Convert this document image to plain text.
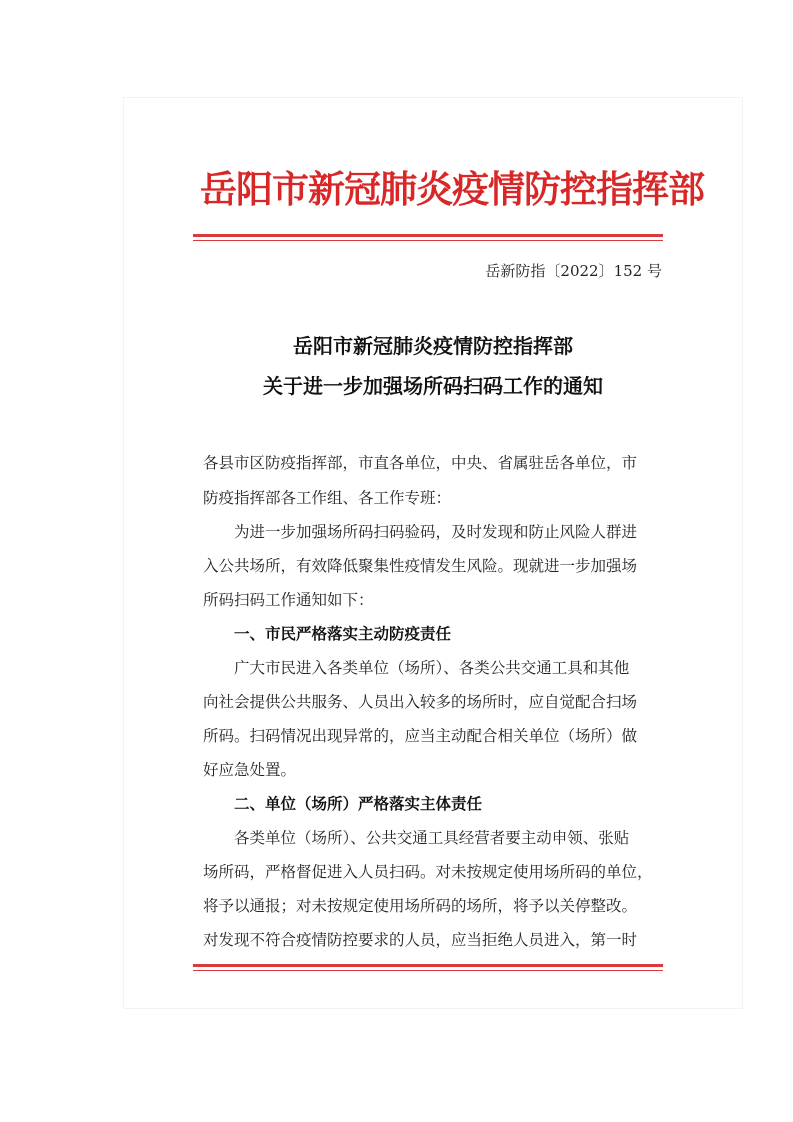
岳阳市新冠肺炎疫情防控指挥部
岳新防指〔2022〕152 号
岳阳市新冠肺炎疫情防控指挥部
关于进一步加强场所码扫码工作的通知
各县市区防疫指挥部，市直各单位，中央、省属驻岳各单位，市
防疫指挥部各工作组、各工作专班：
为进一步加强场所码扫码验码，及时发现和防止风险人群进
入公共场所，有效降低聚集性疫情发生风险。现就进一步加强场
所码扫码工作通知如下：
一、市民严格落实主动防疫责任
广大市民进入各类单位（场所）、各类公共交通工具和其他
向社会提供公共服务、人员出入较多的场所时，应自觉配合扫场
所码。扫码情况出现异常的，应当主动配合相关单位（场所）做
好应急处置。
二、单位（场所）严格落实主体责任
各类单位（场所）、公共交通工具经营者要主动申领、张贴
场所码，严格督促进入人员扫码。对未按规定使用场所码的单位，
将予以通报；对未按规定使用场所码的场所，将予以关停整改。
对发现不符合疫情防控要求的人员，应当拒绝人员进入，第一时
